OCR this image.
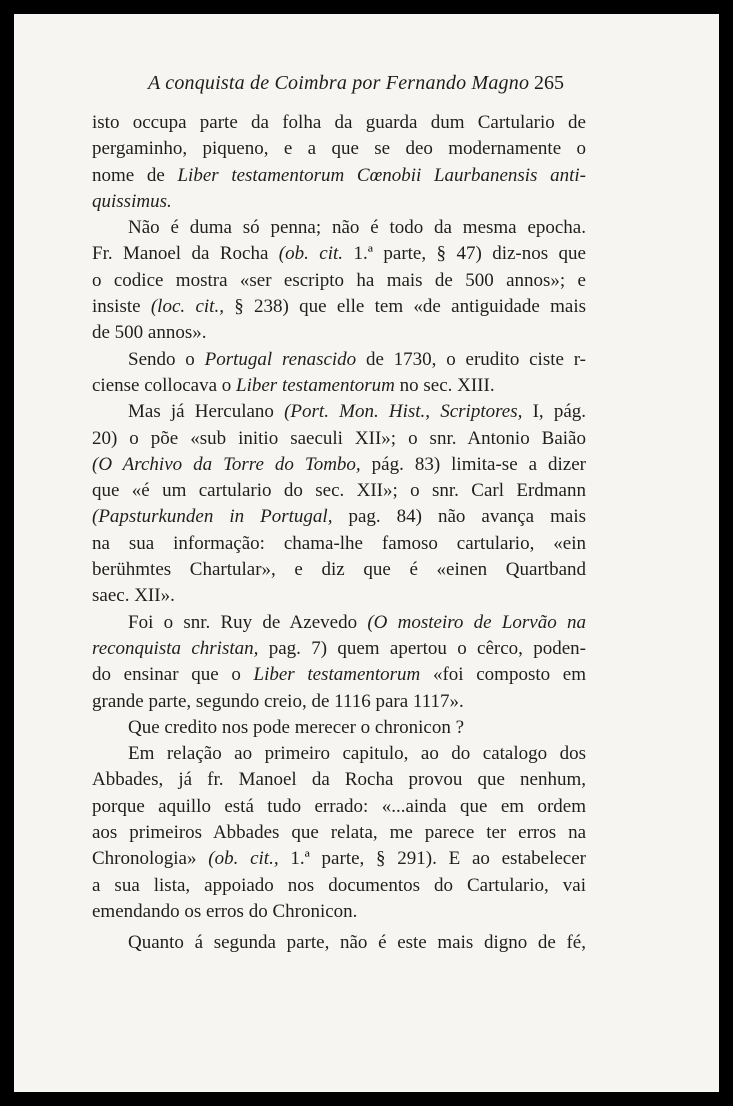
A conquista de Coimbra por Fernando Magno 265
isto occupa parte da folha da guarda dum Cartulario de
pergaminho, piqueno, e a que se deo modernamente o
nome de Liber testamentorum Cœnobii Laurbanensis anti-
quissimus.
Não é duma só penna; não é todo da mesma epocha.
Fr. Manoel da Rocha (ob. cit. 1.ª parte, § 47) diz-nos que
o codice mostra «ser escripto ha mais de 500 annos»; e
insiste (loc. cit., § 238) que elle tem «de antiguidade mais
de 500 annos».
Sendo o Portugal renascido de 1730, o erudito ciste r-
ciense collocava o Liber testamentorum no sec. XIII.
Mas já Herculano (Port. Mon. Hist., Scriptores, I, pág.
20) o põe «sub initio saeculi XII»; o snr. Antonio Baião
(O Archivo da Torre do Tombo, pág. 83) limita-se a dizer
que «é um cartulario do sec. XII»; o snr. Carl Erdmann
(Papsturkunden in Portugal, pag. 84) não avança mais
na sua informação: chama-lhe famoso cartulario, «ein
berühmtes Chartular», e diz que é «einen Quartband
saec. XII».
Foi o snr. Ruy de Azevedo (O mosteiro de Lorvão na
reconquista christan, pag. 7) quem apertou o cêrco, poden-
do ensinar que o Liber testamentorum «foi composto em
grande parte, segundo creio, de 1116 para 1117».
Que credito nos pode merecer o chronicon ?
Em relação ao primeiro capitulo, ao do catalogo dos
Abbades, já fr. Manoel da Rocha provou que nenhum,
porque aquillo está tudo errado: «...ainda que em ordem
aos primeiros Abbades que relata, me parece ter erros na
Chronologia» (ob. cit., 1.ª parte, § 291). E ao estabelecer
a sua lista, appoiado nos documentos do Cartulario, vai
emendando os erros do Chronicon.
Quanto á segunda parte, não é este mais digno de fé,
